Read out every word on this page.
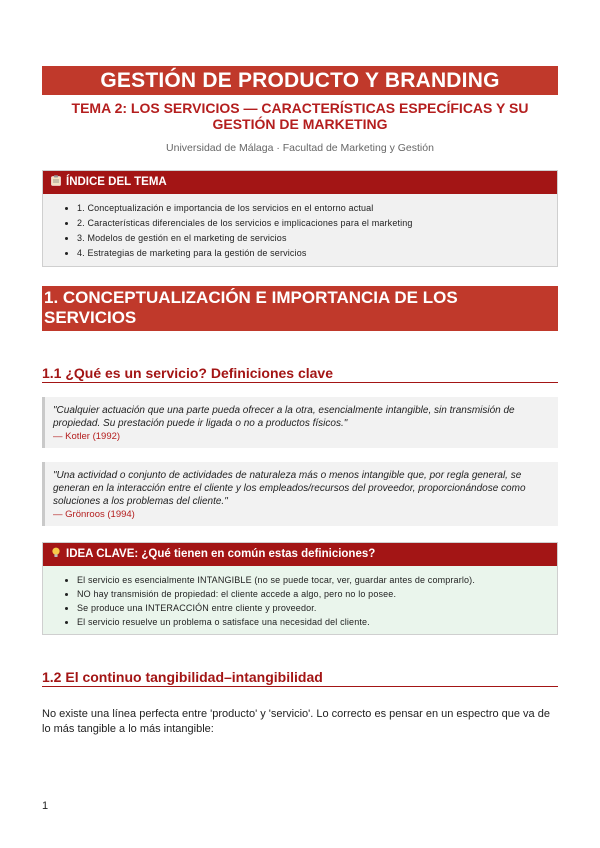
GESTIÓN DE PRODUCTO Y BRANDING
TEMA 2: LOS SERVICIOS — CARACTERÍSTICAS ESPECÍFICAS Y SU GESTIÓN DE MARKETING
Universidad de Málaga · Facultad de Marketing y Gestión
ÍNDICE DEL TEMA
• 1. Conceptualización e importancia de los servicios en el entorno actual
• 2. Características diferenciales de los servicios e implicaciones para el marketing
• 3. Modelos de gestión en el marketing de servicios
• 4. Estrategias de marketing para la gestión de servicios
1. CONCEPTUALIZACIÓN E IMPORTANCIA DE LOS SERVICIOS
1.1 ¿Qué es un servicio? Definiciones clave
"Cualquier actuación que una parte pueda ofrecer a la otra, esencialmente intangible, sin transmisión de propiedad. Su prestación puede ir ligada o no a productos físicos."
— Kotler (1992)
"Una actividad o conjunto de actividades de naturaleza más o menos intangible que, por regla general, se generan en la interacción entre el cliente y los empleados/recursos del proveedor, proporcionándose como soluciones a los problemas del cliente."
— Grönroos (1994)
IDEA CLAVE: ¿Qué tienen en común estas definiciones?
• El servicio es esencialmente INTANGIBLE (no se puede tocar, ver, guardar antes de comprarlo).
• NO hay transmisión de propiedad: el cliente accede a algo, pero no lo posee.
• Se produce una INTERACCIÓN entre cliente y proveedor.
• El servicio resuelve un problema o satisface una necesidad del cliente.
1.2 El continuo tangibilidad–intangibilidad
No existe una línea perfecta entre 'producto' y 'servicio'. Lo correcto es pensar en un espectro que va de lo más tangible a lo más intangible:
1
